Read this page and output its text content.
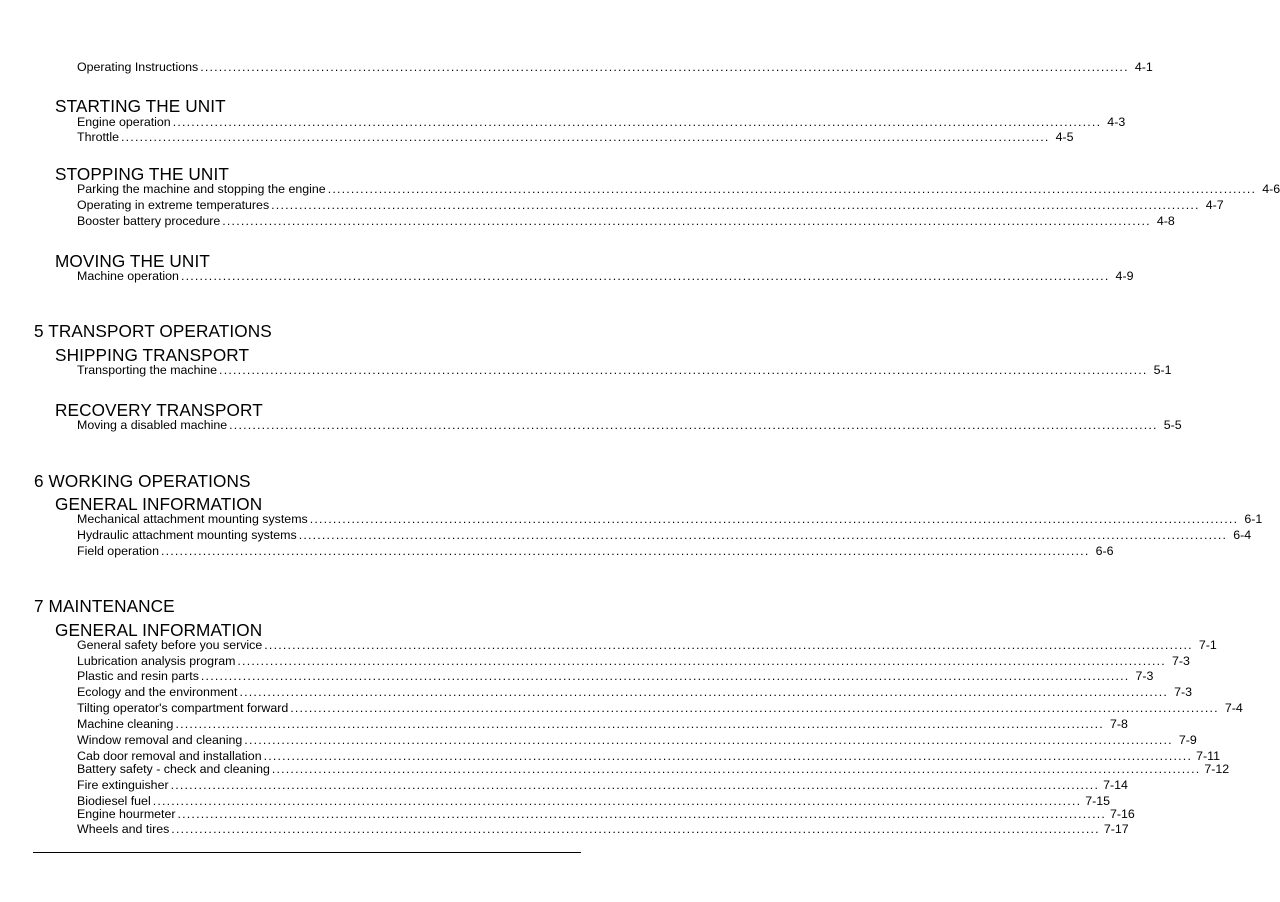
Operating Instructions ........................................................................................................................................................................................................ 4-1
STARTING THE UNIT
Engine operation ........................................................................................................................................................................................................ 4-3
Throttle ........................................................................................................................................................................................................ 4-5
STOPPING THE UNIT
Parking the machine and stopping the engine ........................................................................................................................................................................................................ 4-6
Operating in extreme temperatures ........................................................................................................................................................................................................ 4-7
Booster battery procedure ........................................................................................................................................................................................................ 4-8
MOVING THE UNIT
Machine operation ........................................................................................................................................................................................................ 4-9
5 TRANSPORT OPERATIONS
SHIPPING TRANSPORT
Transporting the machine ........................................................................................................................................................................................................ 5-1
RECOVERY TRANSPORT
Moving a disabled machine ........................................................................................................................................................................................................ 5-5
6 WORKING OPERATIONS
GENERAL INFORMATION
Mechanical attachment mounting systems ........................................................................................................................................................................................................ 6-1
Hydraulic attachment mounting systems ........................................................................................................................................................................................................ 6-4
Field operation ........................................................................................................................................................................................................ 6-6
7 MAINTENANCE
GENERAL INFORMATION
General safety before you service ........................................................................................................................................................................................................ 7-1
Lubrication analysis program ........................................................................................................................................................................................................ 7-3
Plastic and resin parts ........................................................................................................................................................................................................ 7-3
Ecology and the environment ........................................................................................................................................................................................................ 7-3
Tilting operator's compartment forward ........................................................................................................................................................................................................ 7-4
Machine cleaning ........................................................................................................................................................................................................ 7-8
Window removal and cleaning ........................................................................................................................................................................................................ 7-9
Cab door removal and installation ........................................................................................................................................................................................................ 7-11
Battery safety - check and cleaning ........................................................................................................................................................................................................ 7-12
Fire extinguisher ........................................................................................................................................................................................................ 7-14
Biodiesel fuel ........................................................................................................................................................................................................ 7-15
Engine hourmeter ........................................................................................................................................................................................................ 7-16
Wheels and tires ........................................................................................................................................................................................................ 7-17
